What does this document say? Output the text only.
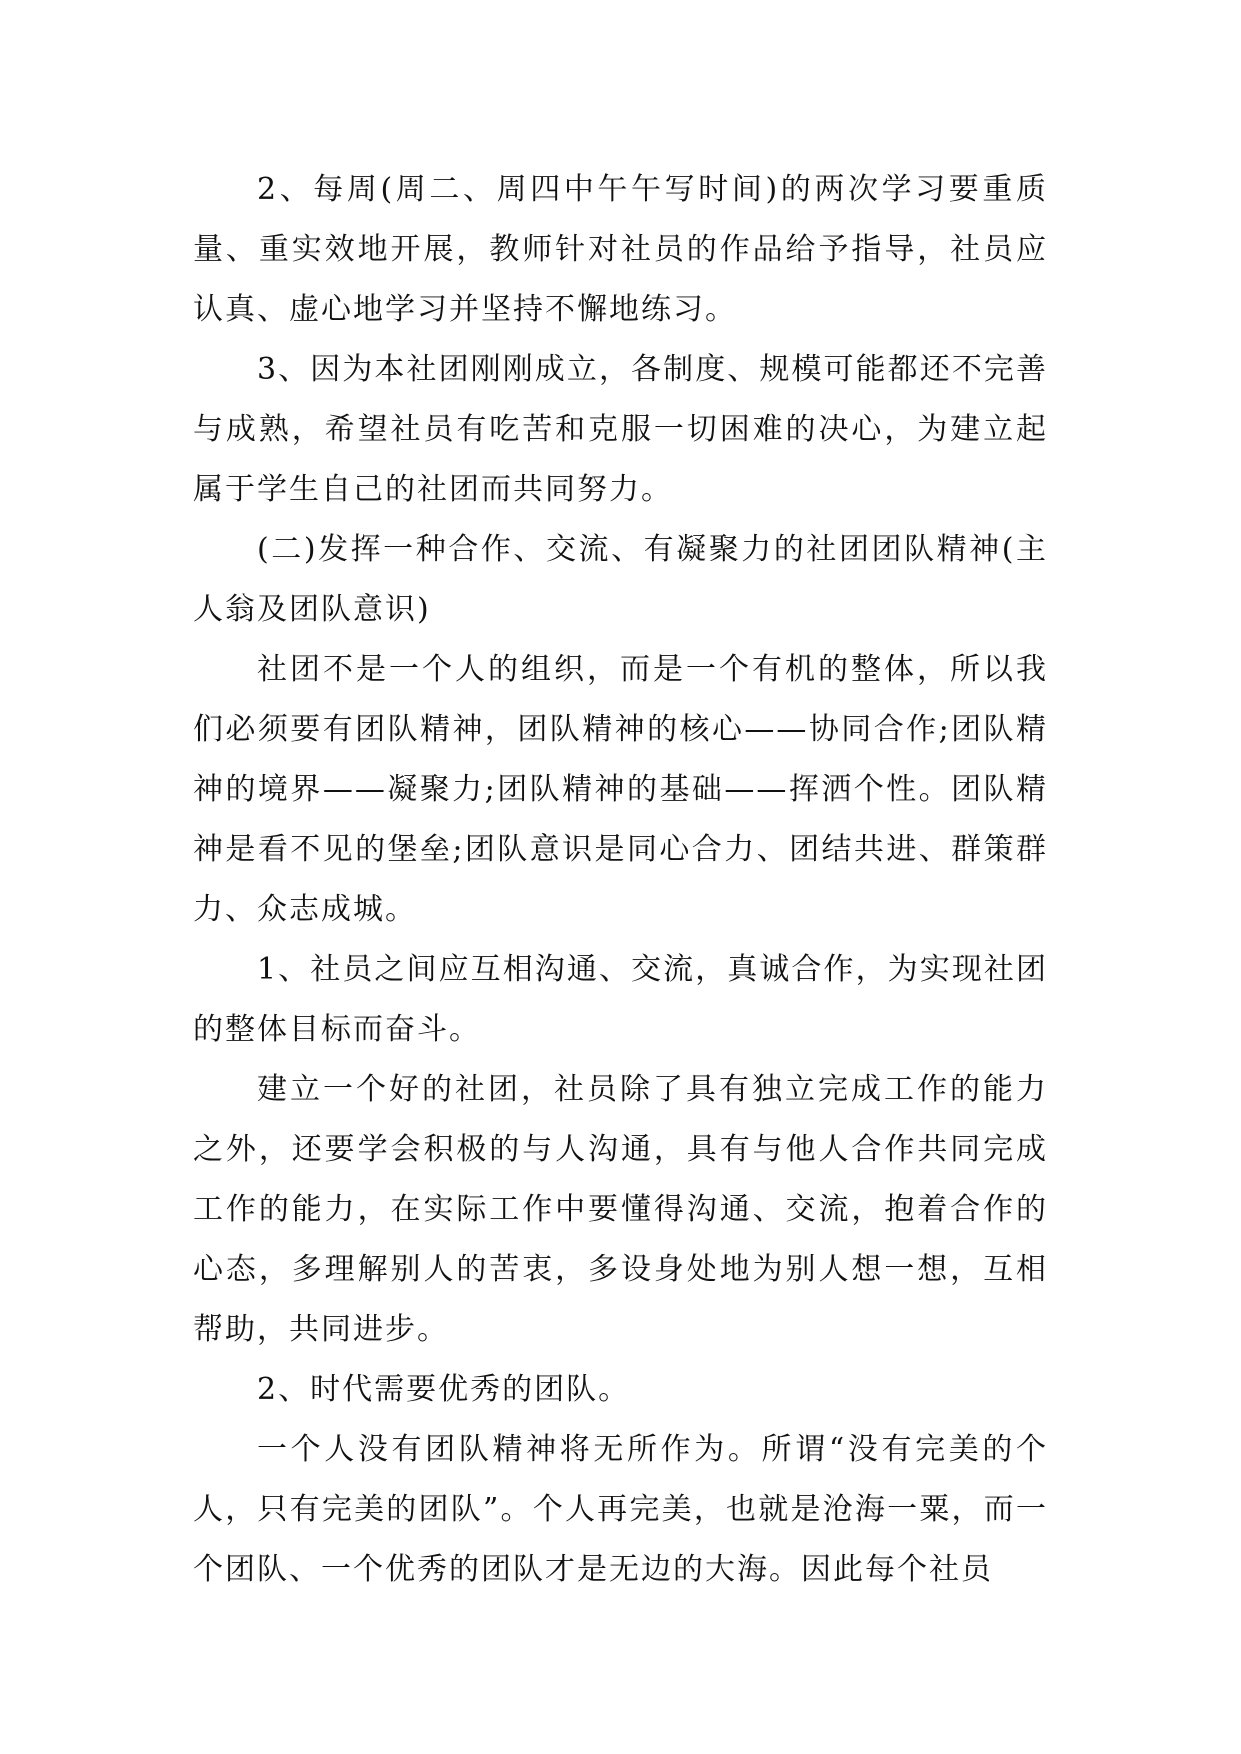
2、每周(周二、周四中午午写时间)的两次学习要重质量、重实效地开展，教师针对社员的作品给予指导，社员应认真、虚心地学习并坚持不懈地练习。

3、因为本社团刚刚成立，各制度、规模可能都还不完善与成熟，希望社员有吃苦和克服一切困难的决心，为建立起属于学生自己的社团而共同努力。

(二)发挥一种合作、交流、有凝聚力的社团团队精神(主人翁及团队意识)

社团不是一个人的组织，而是一个有机的整体，所以我们必须要有团队精神，团队精神的核心——协同合作;团队精神的境界——凝聚力;团队精神的基础——挥洒个性。团队精神是看不见的堡垒;团队意识是同心合力、团结共进、群策群力、众志成城。

1、社员之间应互相沟通、交流，真诚合作，为实现社团的整体目标而奋斗。

建立一个好的社团，社员除了具有独立完成工作的能力之外，还要学会积极的与人沟通，具有与他人合作共同完成工作的能力，在实际工作中要懂得沟通、交流，抱着合作的心态，多理解别人的苦衷，多设身处地为别人想一想，互相帮助，共同进步。

2、时代需要优秀的团队。

一个人没有团队精神将无所作为。所谓“没有完美的个人，只有完美的团队”。个人再完美，也就是沧海一粟，而一个团队、一个优秀的团队才是无边的大海。因此每个社员
